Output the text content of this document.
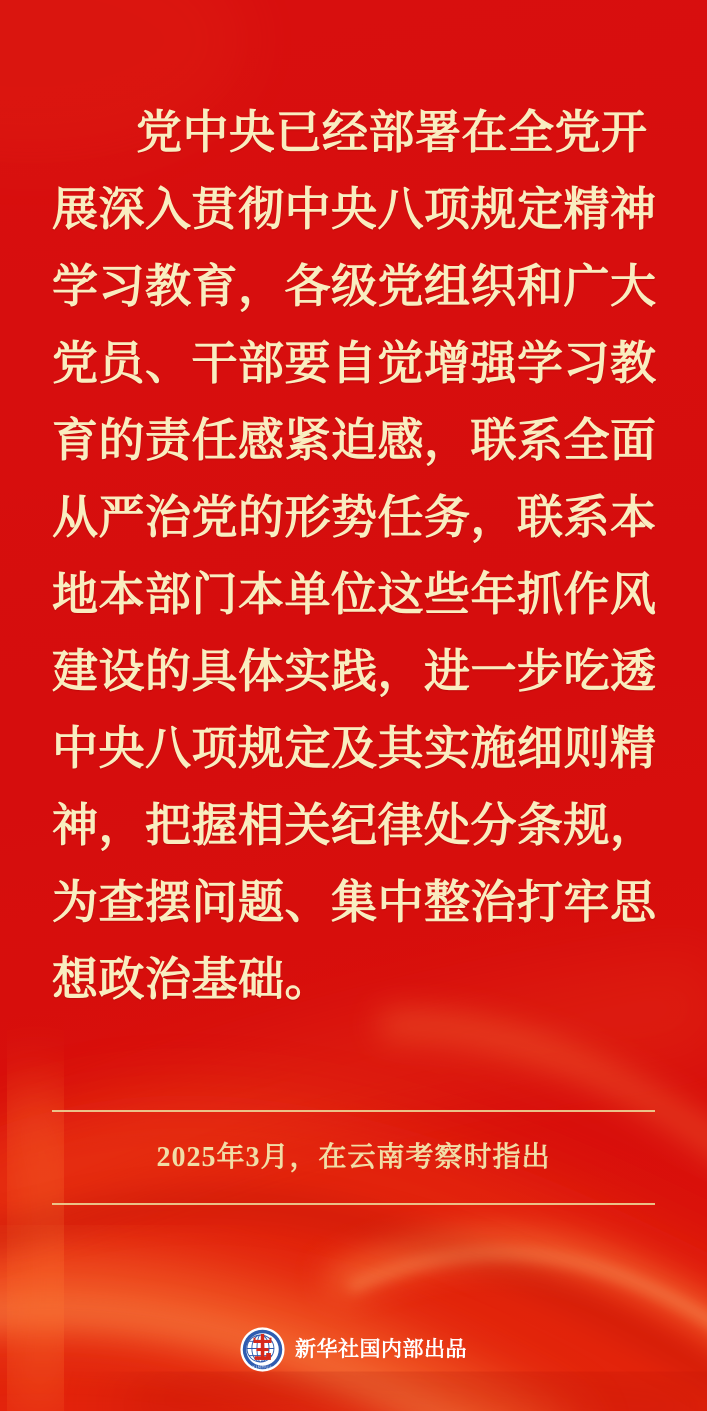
党中央已经部署在全党开
展深入贯彻中央八项规定精神
学习教育，各级党组织和广大
党员、干部要自觉增强学习教
育的责任感紧迫感，联系全面
从严治党的形势任务，联系本
地本部门本单位这些年抓作风
建设的具体实践，进一步吃透
中央八项规定及其实施细则精
神，把握相关纪律处分条规，
为查摆问题、集中整治打牢思
想政治基础。
2025年3月，在云南考察时指出
XINHUA
新华社国内部出品
